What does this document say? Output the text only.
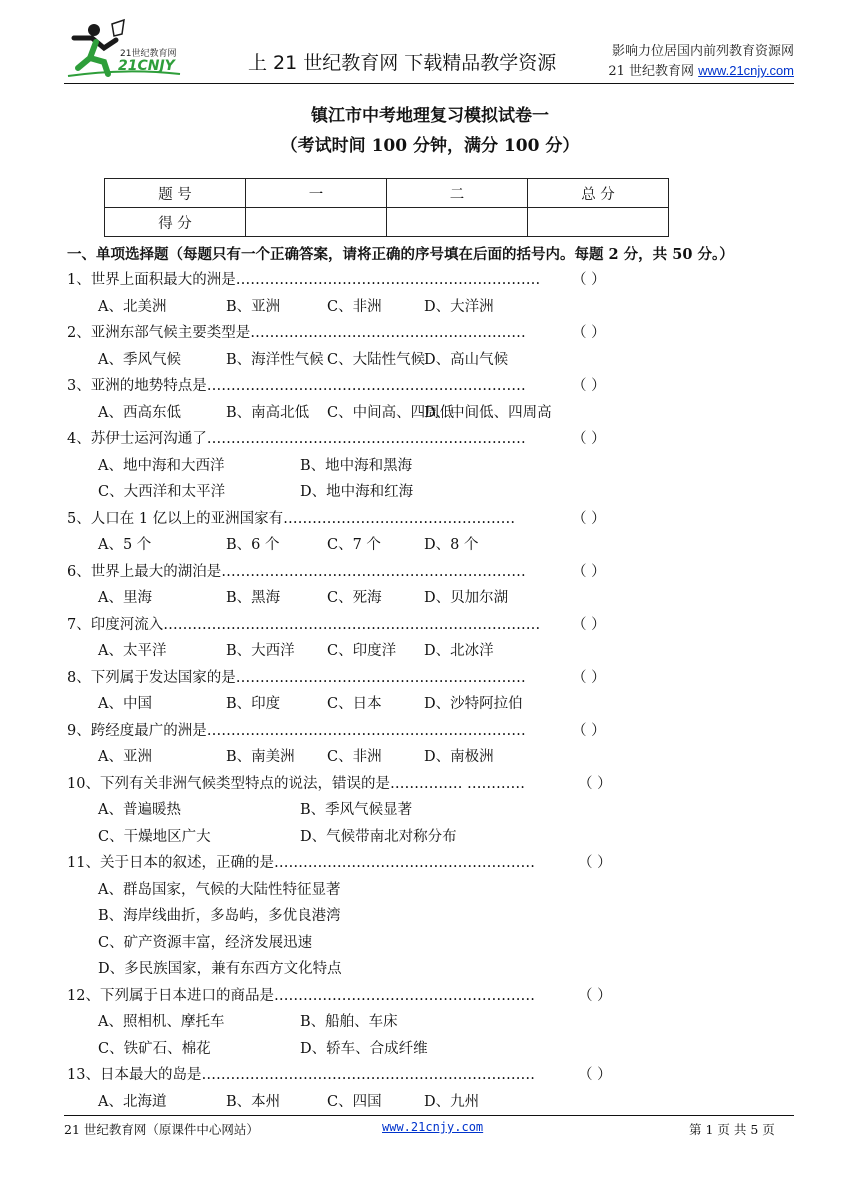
21世纪教育网
21CNJY	上 21 世纪教育网 下载精品教学资源
影响力位居国内前列教育资源网
21 世纪教育网 www.21cnjy.com
镇江市中考地理复习模拟试卷一
（考试时间 100 分钟，满分 100 分）
题 号	一	二	总 分
得 分			
一、单项选择题（每题只有一个正确答案，请将正确的序号填在后面的括号内。每题 2 分，共 50 分。）
1、世界上面积最大的洲是……………………………………………………… （ ）
A、北美洲	B、亚洲	C、非洲	D、大洋洲
2、亚洲东部气候主要类型是…………………………………………………	（ ）
A、季风气候	B、海洋性气候 C、大陆性气候
D、高山气候
3、亚洲的地势特点是…………………………………………………………	（ ）
A、西高东低	B、南高北低 C、中间高、四周低
D、中间低、四周高
4、苏伊士运河沟通了…………………………………………………………	（ ）
A、地中海和大西洋	B、地中海和黑海
C、大西洋和太平洋	D、地中海和红海
5、人口在 1 亿以上的亚洲国家有…………………………………………	（ ）
A、5 个	B、6 个	C、7 个	D、8 个
6、世界上最大的湖泊是………………………………………………………	（ ）
A、里海	B、黑海	C、死海	D、贝加尔湖
7、印度河流入…………………………………………………………………… （ ）
A、太平洋	B、大西洋 C、印度洋 D、北冰洋
8、下列属于发达国家的是……………………………………………………	（ ）
A、中国	B、印度	C、日本	D、沙特阿拉伯
9、跨经度最广的洲是…………………………………………………………	（ ）
A、亚洲	B、南美洲 C、非洲	D、南极洲
10、下列有关非洲气候类型特点的说法，错误的是…………… …………	（ ）
A、普遍暖热	B、季风气候显著
C、干燥地区广大	D、气候带南北对称分布
11、关于日本的叙述，正确的是………………………………………………	（ ）
A、群岛国家，气候的大陆性特征显著
B、海岸线曲折，多岛屿，多优良港湾
C、矿产资源丰富，经济发展迅速
D、多民族国家，兼有东西方文化特点
12、下列属于日本进口的商品是………………………………………………	（ ）
A、照相机、摩托车	B、船舶、车床
C、铁矿石、棉花	D、轿车、合成纤维
13、日本最大的岛是……………………………………………………………	（ ）
A、北海道	B、本州	C、四国	D、九州
21 世纪教育网（原课件中心网站）	www.21cnjy.com	第 1 页 共 5 页
